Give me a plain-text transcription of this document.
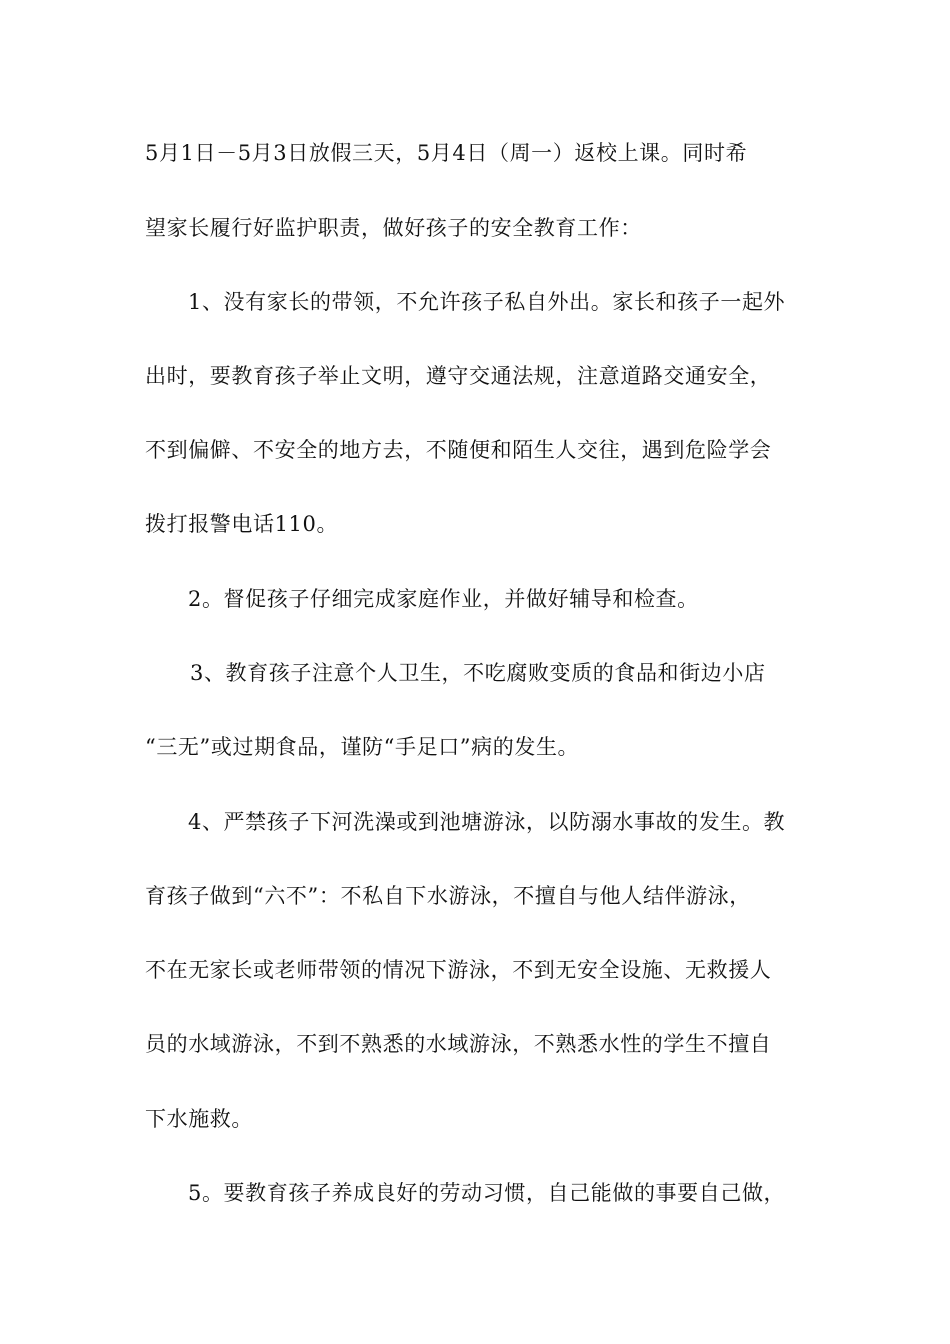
5月1日－5月3日放假三天，5月4日（周一）返校上课。同时希
望家长履行好监护职责，做好孩子的安全教育工作：
1、没有家长的带领，不允许孩子私自外出。家长和孩子一起外
出时，要教育孩子举止文明，遵守交通法规，注意道路交通安全，
不到偏僻、不安全的地方去，不随便和陌生人交往，遇到危险学会
拨打报警电话110。
2。督促孩子仔细完成家庭作业，并做好辅导和检查。
3、教育孩子注意个人卫生，不吃腐败变质的食品和街边小店
“三无”或过期食品，谨防“手足口”病的发生。
4、严禁孩子下河洗澡或到池塘游泳，以防溺水事故的发生。教
育孩子做到“六不”：不私自下水游泳，不擅自与他人结伴游泳，
不在无家长或老师带领的情况下游泳，不到无安全设施、无救援人
员的水域游泳，不到不熟悉的水域游泳，不熟悉水性的学生不擅自
下水施救。
5。要教育孩子养成良好的劳动习惯，自己能做的事要自己做，
